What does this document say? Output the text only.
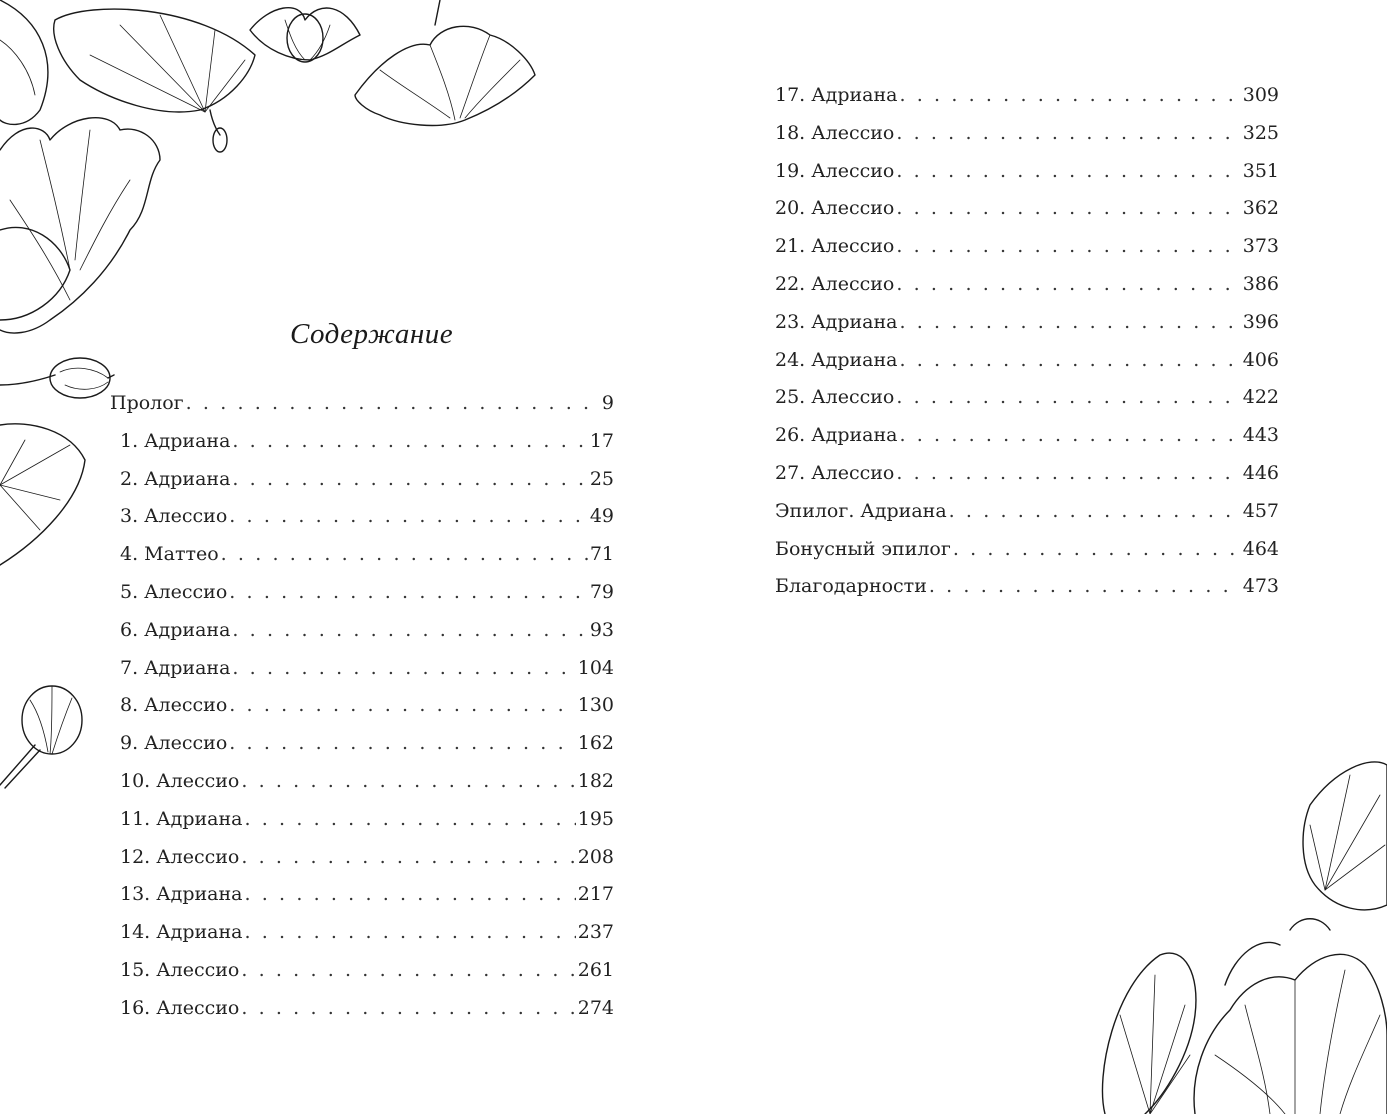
Содержание
Пролог . . .	9
1. Адриана . . .	17
2. Адриана . . .	25
3. Алессио . . .	49
4. Маттео . . .	71
5. Алессио . . .	79
6. Адриана . . .	93
7. Адриана . . .	104
8. Алессио . . .	130
9. Алессио . . .	162
10. Алессио . . .	182
11. Адриана . . .	195
12. Алессио . . .	208
13. Адриана . . .	217
14. Адриана . . .	237
15. Алессио . . .	261
16. Алессио . . .	274
17. Адриана . . .	309
18. Алессио . . .	325
19. Алессио . . .	351
20. Алессио . . .	362
21. Алессио . . .	373
22. Алессио . . .	386
23. Адриана . . .	396
24. Адриана . . .	406
25. Алессио . . .	422
26. Адриана . . .	443
27. Алессио . . .	446
Эпилог. Адриана . . .	457
Бонусный эпилог . . .	464
Благодарности . . .	473
